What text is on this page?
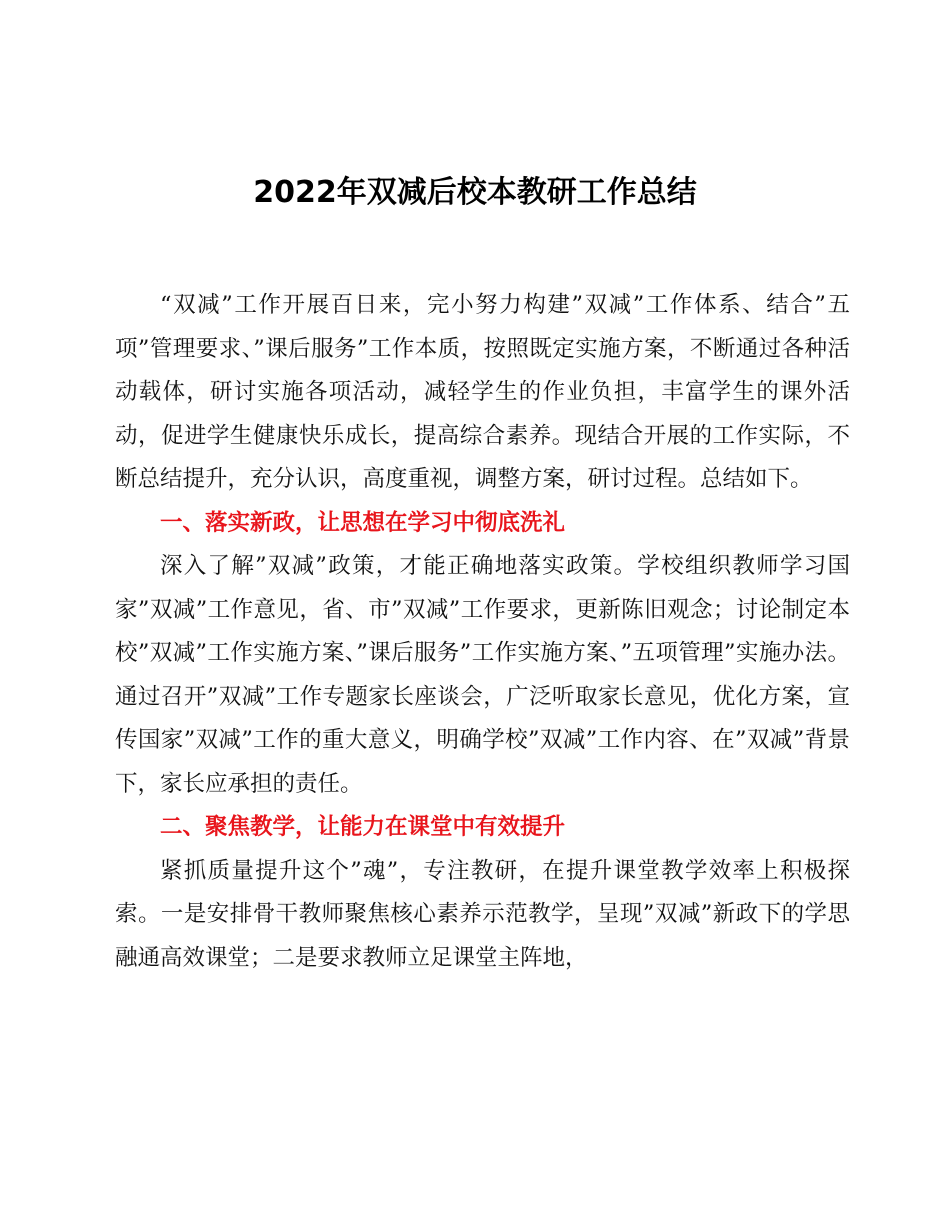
2022年双减后校本教研工作总结

“双减”工作开展百日来，完小努力构建”双减”工作体系、结合”五项”管理要求、”课后服务”工作本质，按照既定实施方案，不断通过各种活动载体，研讨实施各项活动，减轻学生的作业负担，丰富学生的课外活动，促进学生健康快乐成长，提高综合素养。现结合开展的工作实际，不断总结提升，充分认识，高度重视，调整方案，研讨过程。总结如下。

一、落实新政，让思想在学习中彻底洗礼

深入了解”双减”政策，才能正确地落实政策。学校组织教师学习国家”双减”工作意见，省、市”双减”工作要求，更新陈旧观念；讨论制定本校”双减”工作实施方案、”课后服务”工作实施方案、”五项管理”实施办法。通过召开”双减”工作专题家长座谈会，广泛听取家长意见，优化方案，宣传国家”双减”工作的重大意义，明确学校”双减”工作内容、在”双减”背景下，家长应承担的责任。

二、聚焦教学，让能力在课堂中有效提升

紧抓质量提升这个”魂”，专注教研，在提升课堂教学效率上积极探索。一是安排骨干教师聚焦核心素养示范教学，呈现”双减”新政下的学思融通高效课堂；二是要求教师立足课堂主阵地，
